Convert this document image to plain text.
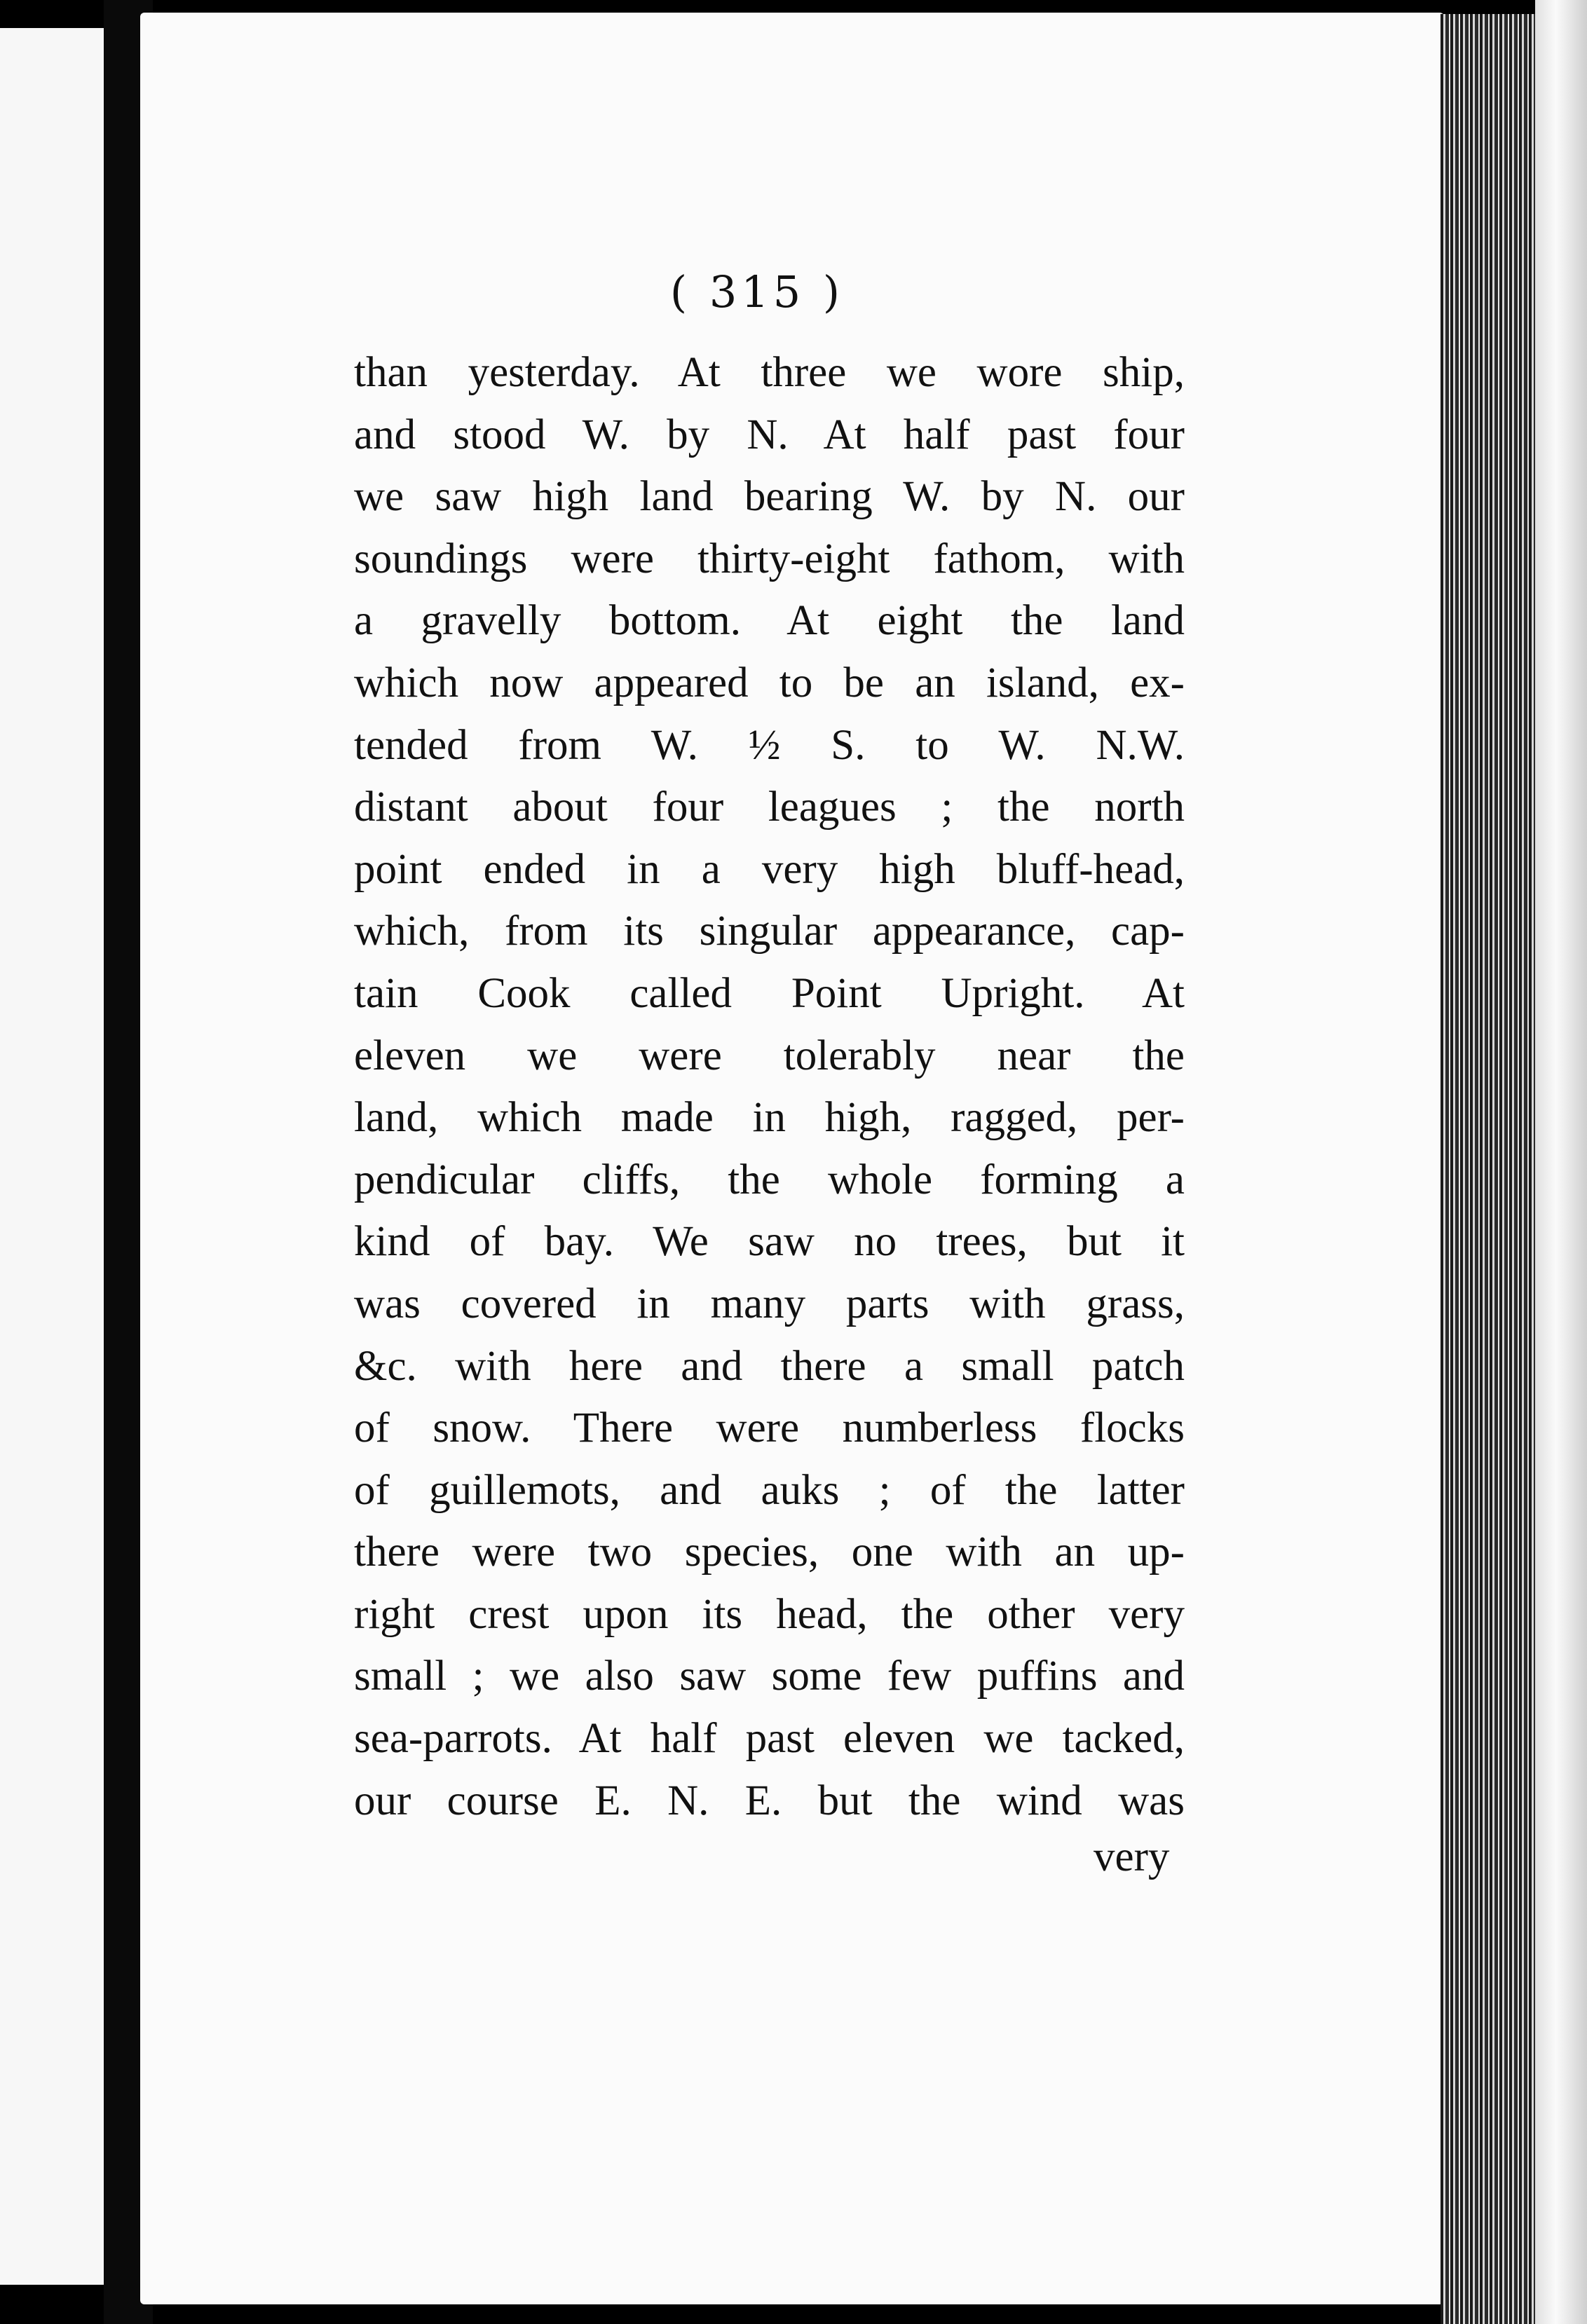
( 315 )
than yesterday. At three we wore ship,
and stood W. by N. At half past four
we saw high land bearing W. by N. our
soundings were thirty-eight fathom, with
a gravelly bottom. At eight the land
which now appeared to be an island, ex-
tended from W. ½ S. to W. N.W.
distant about four leagues ; the north
point ended in a very high bluff-head,
which, from its singular appearance, cap-
tain Cook called Point Upright. At
eleven we were tolerably near the
land, which made in high, ragged, per-
pendicular cliffs, the whole forming a
kind of bay. We saw no trees, but it
was covered in many parts with grass,
&c. with here and there a small patch
of snow. There were numberless flocks
of guillemots, and auks ; of the latter
there were two species, one with an up-
right crest upon its head, the other very
small ; we also saw some few puffins and
sea-parrots. At half past eleven we tacked,
our course E. N. E. but the wind was
very
